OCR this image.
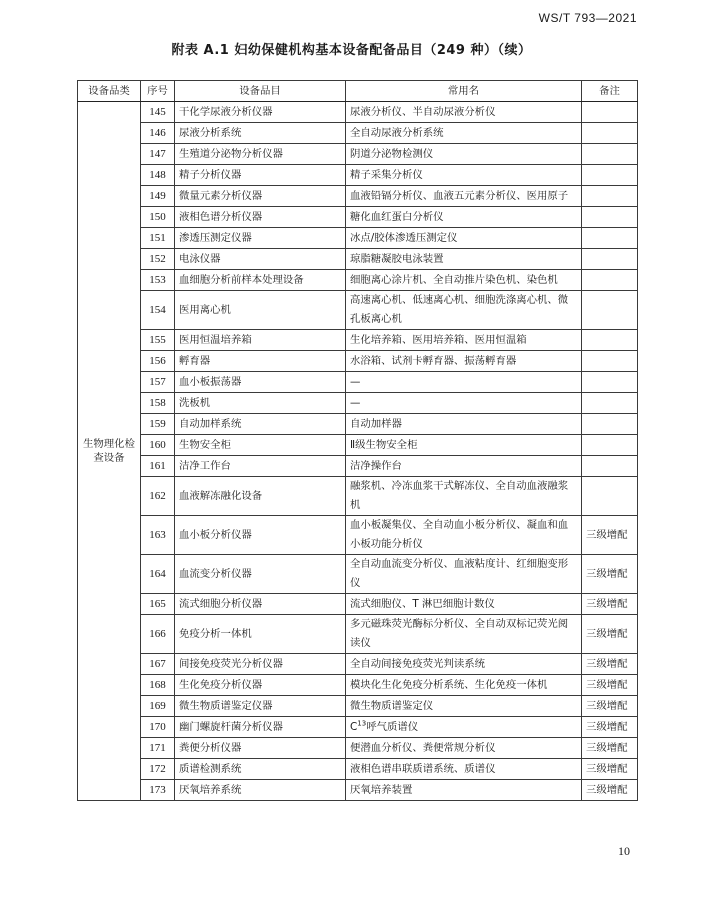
WS/T 793—2021
附表 A.1 妇幼保健机构基本设备配备品目（249 种）（续）
设备品类	序号	设备品目	常用名	备注
生物理化检查设备	145	干化学尿液分析仪器	尿液分析仪、半自动尿液分析仪	
	146	尿液分析系统	全自动尿液分析系统	
	147	生殖道分泌物分析仪器	阴道分泌物检测仪	
	148	精子分析仪器	精子采集分析仪	
	149	微量元素分析仪器	血液铅镉分析仪、血液五元素分析仪、医用原子	
	150	液相色谱分析仪器	糖化血红蛋白分析仪	
	151	渗透压测定仪器	冰点/胶体渗透压测定仪	
	152	电泳仪器	琼脂糖凝胶电泳装置	
	153	血细胞分析前样本处理设备	细胞离心涂片机、全自动推片染色机、染色机	
	154	医用离心机	高速离心机、低速离心机、细胞洗涤离心机、微孔板离心机	
	155	医用恒温培养箱	生化培养箱、医用培养箱、医用恒温箱	
	156	孵育器	水浴箱、试剂卡孵育器、振荡孵育器	
	157	血小板振荡器	—	
	158	洗板机	—	
	159	自动加样系统	自动加样器	
	160	生物安全柜	Ⅱ级生物安全柜	
	161	洁净工作台	洁净操作台	
	162	血液解冻融化设备	融浆机、冷冻血浆干式解冻仪、全自动血液融浆机	
	163	血小板分析仪器	血小板凝集仪、全自动血小板分析仪、凝血和血小板功能分析仪	三级增配
	164	血流变分析仪器	全自动血流变分析仪、血液粘度计、红细胞变形仪	三级增配
	165	流式细胞分析仪器	流式细胞仪、T 淋巴细胞计数仪	三级增配
	166	免疫分析一体机	多元磁珠荧光酶标分析仪、全自动双标记荧光阅读仪	三级增配
	167	间接免疫荧光分析仪器	全自动间接免疫荧光判读系统	三级增配
	168	生化免疫分析仪器	模块化生化免疫分析系统、生化免疫一体机	三级增配
	169	微生物质谱鉴定仪器	微生物质谱鉴定仪	三级增配
	170	幽门螺旋杆菌分析仪器	$C^{13}$呼气质谱仪	三级增配
	171	粪便分析仪器	便潜血分析仪、粪便常规分析仪	三级增配
	172	质谱检测系统	液相色谱串联质谱系统、质谱仪	三级增配
	173	厌氧培养系统	厌氧培养装置	三级增配
10
